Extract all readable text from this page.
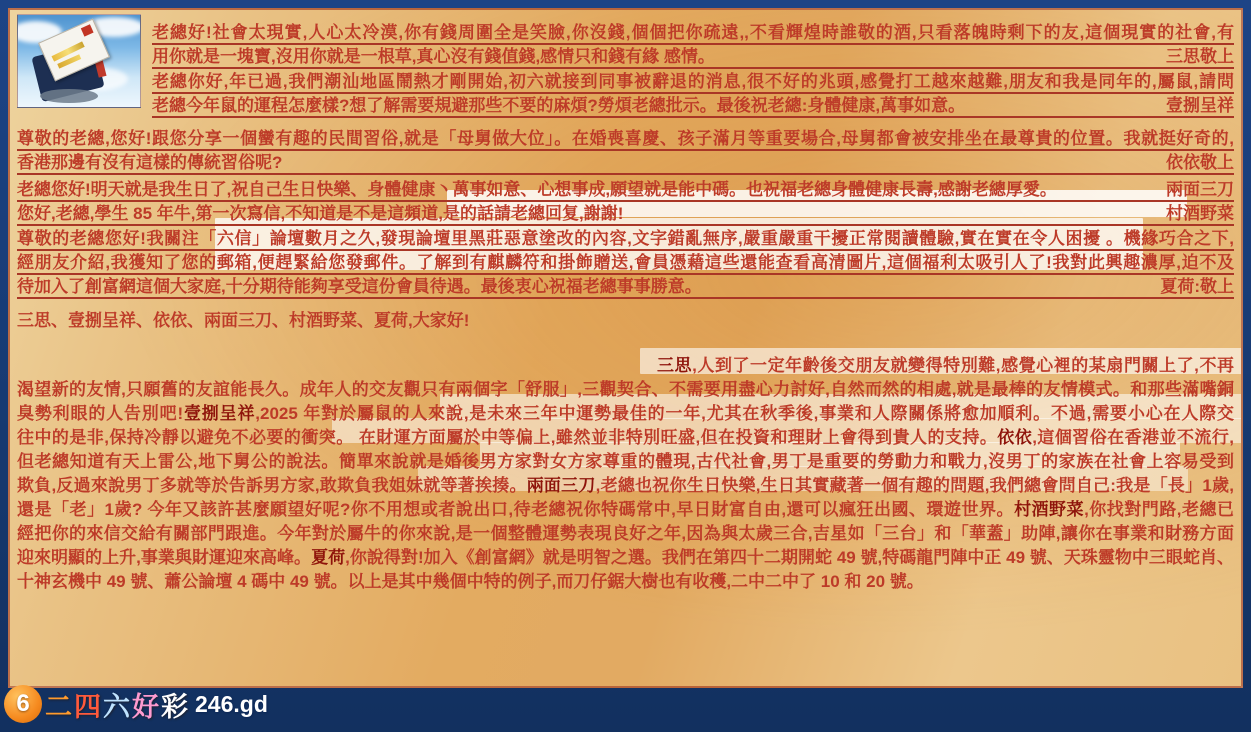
老總好!社會太現實,人心太冷漠,你有錢周圍全是笑臉,你沒錢,個個把你疏遠,,不看輝煌時誰敬的酒,只看落魄時剩下的友,這個現實的社會,有
用你就是一塊寶,沒用你就是一根草,真心沒有錢值錢,感情只和錢有緣 感情。	三思敬上
老總你好,年已過,我們潮汕地區鬧熱才剛開始,初六就接到同事被辭退的消息,很不好的兆頭,感覺打工越來越難,朋友和我是同年的,屬鼠,請問
老總今年鼠的運程怎麼樣?想了解需要規避那些不要的麻煩?勞煩老總批示。最後祝老總:身體健康,萬事如意。	壹捌呈祥
尊敬的老總,您好!跟您分享一個蠻有趣的民間習俗,就是「母舅做大位」。在婚喪喜慶、孩子滿月等重要場合,母舅都會被安排坐在最尊貴的位置。我就挺好奇的,
香港那邊有沒有這樣的傳統習俗呢?	依依敬上
老總您好!明天就是我生日了,祝自己生日快樂、身體健康丶萬事如意、心想事成,願望就是能中碼。也祝福老總身體健康長壽,感謝老總厚愛。	兩面三刀
您好,老總,學生 85 年牛,第一次寫信,不知道是不是這頻道,是的話請老總回复,謝謝!	村酒野菜
尊敬的老總您好!我關注「六信」論壇數月之久,發現論壇里黑莊惡意塗改的內容,文字錯亂無序,嚴重嚴重干擾正常閱讀體驗,實在實在令人困擾 。機緣巧合之下,
經朋友介紹,我獲知了您的郵箱,便趕緊給您發郵件。了解到有麒麟符和掛飾贈送,會員憑藉這些還能查看高清圖片,這個福利太吸引人了!我對此興趣濃厚,迫不及
待加入了創富網這個大家庭,十分期待能夠享受這份會員待遇。最後衷心祝福老總事事勝意。	夏荷:敬上
三思、壹捌呈祥、依依、兩面三刀、村酒野菜、夏荷,大家好!
三思,人到了一定年齡後交朋友就變得特別難,感覺心裡的某扇門關上了,不再
渴望新的友情,只願舊的友誼能長久。成年人的交友觀只有兩個字「舒服」,三觀契合、不需要用盡心力討好,自然而然的相處,就是最棒的友情模式。和那些滿嘴銅
臭勢利眼的人告別吧!壹捌呈祥,2025 年對於屬鼠的人來說,是未來三年中運勢最佳的一年,尤其在秋季後,事業和人際關係將愈加順利。不過,需要小心在人際交
往中的是非,保持冷靜以避免不必要的衝突。 在財運方面屬於中等偏上,雖然並非特別旺盛,但在投資和理財上會得到貴人的支持。依依,這個習俗在香港並不流行,
但老總知道有天上雷公,地下舅公的說法。簡單來說就是婚後男方家對女方家尊重的體現,古代社會,男丁是重要的勞動力和戰力,沒男丁的家族在社會上容易受到
欺負,反過來說男丁多就等於告訴男方家,敢欺負我姐妹就等著挨揍。兩面三刀,老總也祝你生日快樂,生日其實藏著一個有趣的問題,我們總會問自己:我是「長」1歲,
還是「老」1歲? 今年又該許甚麼願望好呢?你不用想或者說出口,待老總祝你特碼常中,早日財富自由,還可以瘋狂出國、環遊世界。村酒野菜,你找對門路,老總已
經把你的來信交給有關部門跟進。今年對於屬牛的你來說,是一個整體運勢表現良好之年,因為與太歲三合,吉星如「三台」和「華蓋」助陣,讓你在事業和財務方面
迎來明顯的上升,事業與財運迎來高峰。夏荷,你說得對!加入《創富網》就是明智之選。我們在第四十二期開蛇 49 號,特碼龍門陣中正 49 號、天珠靈物中三眼蛇肖、
十神玄機中 49 號、蕭公論壇 4 碼中 49 號。以上是其中幾個中特的例子,而刀仔鋸大樹也有收穫,二中二中了 10 和 20 號。
6 二 四 六 好 彩 246.gd
